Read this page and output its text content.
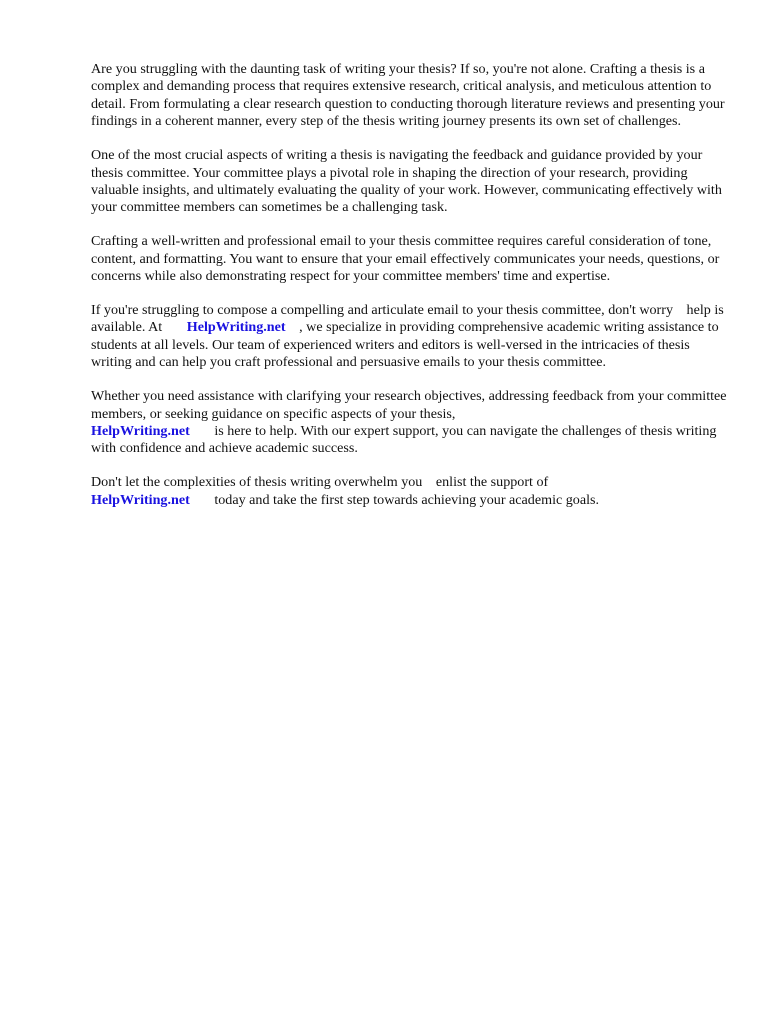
Are you struggling with the daunting task of writing your thesis? If so, you're not alone. Crafting a thesis is a complex and demanding process that requires extensive research, critical analysis, and meticulous attention to detail. From formulating a clear research question to conducting thorough literature reviews and presenting your findings in a coherent manner, every step of the thesis writing journey presents its own set of challenges.

One of the most crucial aspects of writing a thesis is navigating the feedback and guidance provided by your thesis committee. Your committee plays a pivotal role in shaping the direction of your research, providing valuable insights, and ultimately evaluating the quality of your work. However, communicating effectively with your committee members can sometimes be a challenging task.

Crafting a well-written and professional email to your thesis committee requires careful consideration of tone, content, and formatting. You want to ensure that your email effectively communicates your needs, questions, or concerns while also demonstrating respect for your committee members' time and expertise.

If you're struggling to compose a compelling and articulate email to your thesis committee, don't worry help is available. At HelpWriting.net , we specialize in providing comprehensive academic writing assistance to students at all levels. Our team of experienced writers and editors is well-versed in the intricacies of thesis writing and can help you craft professional and persuasive emails to your thesis committee.

Whether you need assistance with clarifying your research objectives, addressing feedback from your committee members, or seeking guidance on specific aspects of your thesis,
HelpWriting.net is here to help. With our expert support, you can navigate the challenges of thesis writing with confidence and achieve academic success.

Don't let the complexities of thesis writing overwhelm you enlist the support of
HelpWriting.net today and take the first step towards achieving your academic goals.
